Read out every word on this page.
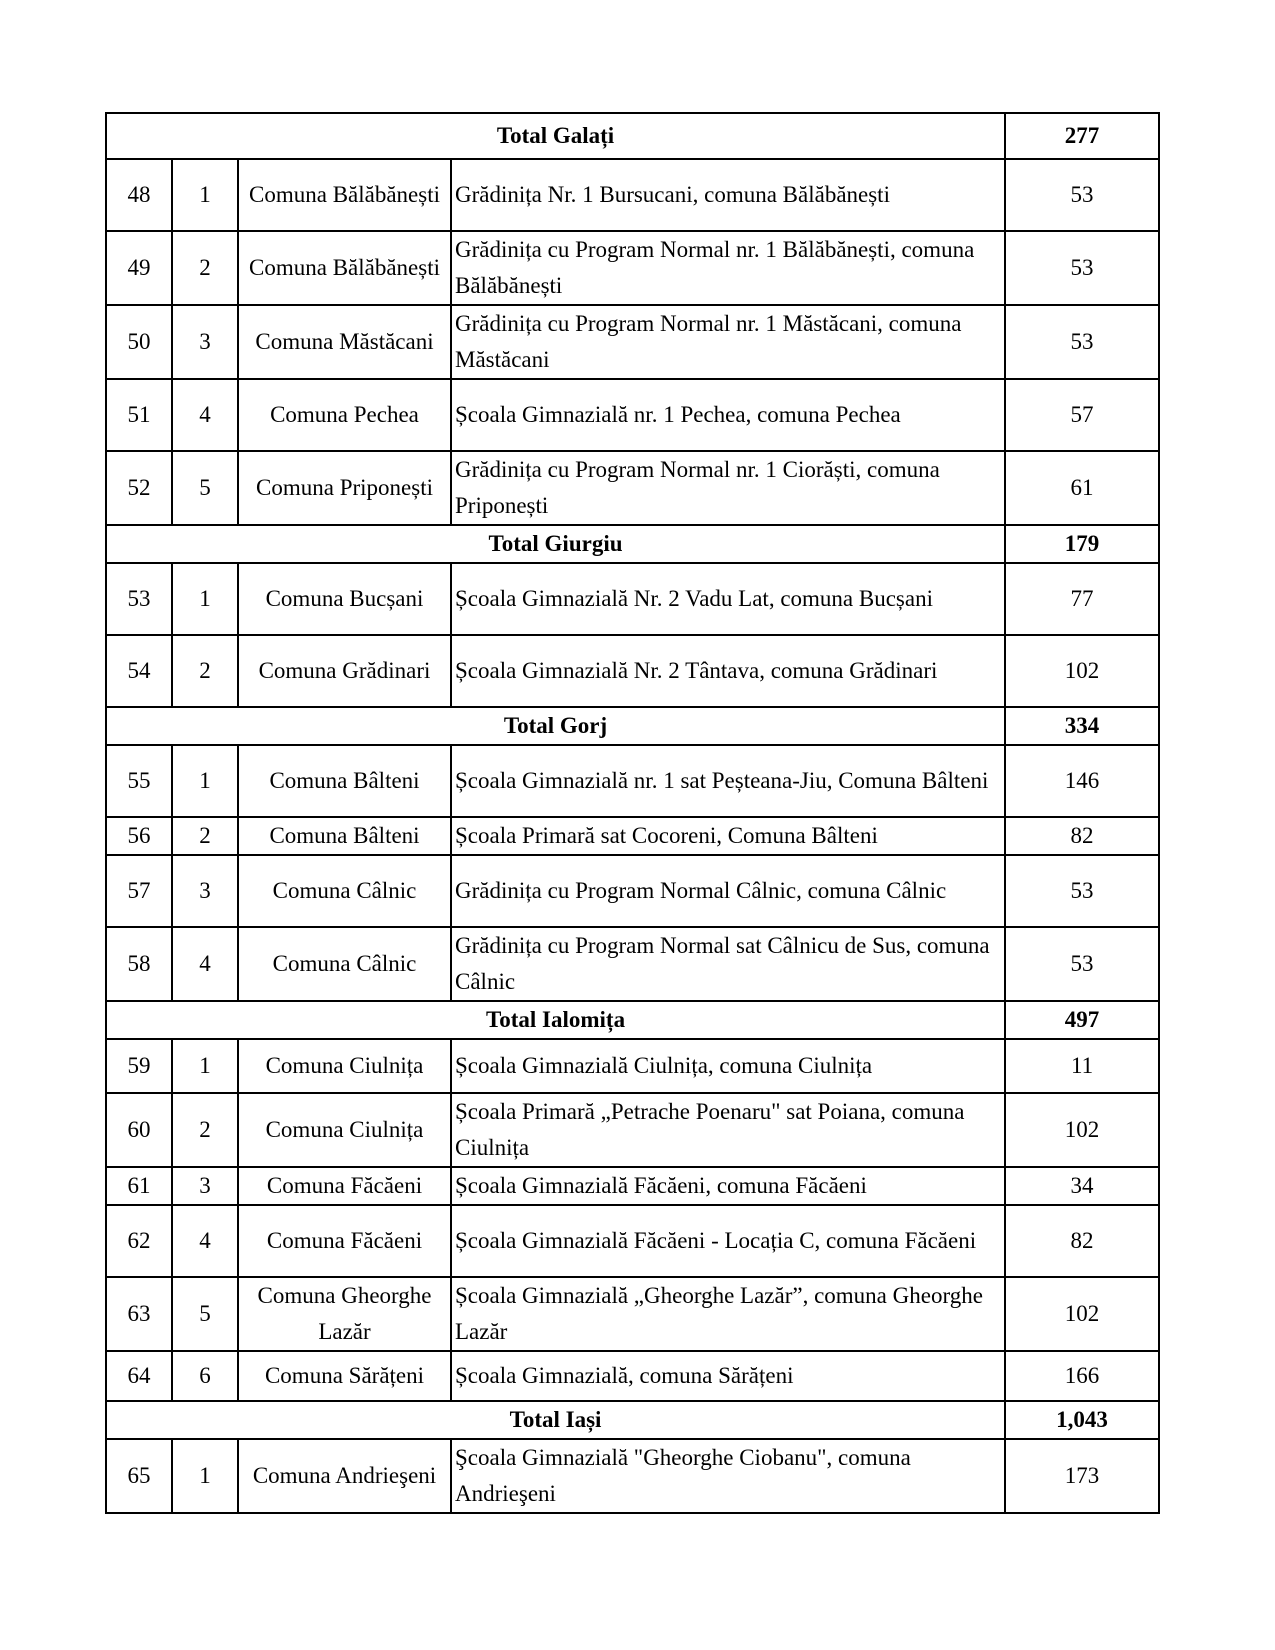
Total Galați				277
48	1	Comuna Bălăbănești	Grădinița Nr. 1 Bursucani, comuna Bălăbănești	53
49	2	Comuna Bălăbănești	Grădinița cu Program Normal nr. 1 Bălăbănești, comuna Bălăbănești	53
50	3	Comuna Măstăcani	Grădinița cu Program Normal nr. 1 Măstăcani, comuna Măstăcani	53
51	4	Comuna Pechea	Școala Gimnazială nr. 1 Pechea, comuna Pechea	57
52	5	Comuna Priponești	Grădinița cu Program Normal nr. 1 Ciorăști, comuna Priponești	61
Total Giurgiu				179
53	1	Comuna Bucșani	Școala Gimnazială Nr. 2 Vadu Lat, comuna Bucșani	77
54	2	Comuna Grădinari	Școala Gimnazială Nr. 2 Tântava, comuna Grădinari	102
Total Gorj				334
55	1	Comuna Bâlteni	Școala Gimnazială nr. 1 sat Peșteana-Jiu, Comuna Bâlteni	146
56	2	Comuna Bâlteni	Școala Primară sat Cocoreni, Comuna Bâlteni	82
57	3	Comuna Câlnic	Grădinița cu Program Normal Câlnic, comuna Câlnic	53
58	4	Comuna Câlnic	Grădinița cu Program Normal sat Câlnicu de Sus, comuna Câlnic	53
Total Ialomița				497
59	1	Comuna Ciulnița	Școala Gimnazială Ciulnița, comuna Ciulnița	11
60	2	Comuna Ciulnița	Școala Primară „Petrache Poenaru" sat Poiana, comuna Ciulnița	102
61	3	Comuna Făcăeni	Școala Gimnazială Făcăeni, comuna Făcăeni	34
62	4	Comuna Făcăeni	Școala Gimnazială Făcăeni - Locația C, comuna Făcăeni	82
63	5	Comuna Gheorghe Lazăr	Școala Gimnazială „Gheorghe Lazăr”, comuna Gheorghe Lazăr	102
64	6	Comuna Sărățeni	Școala Gimnazială, comuna Sărățeni	166
Total Iași				1,043
65	1	Comuna Andrieşeni	Şcoala Gimnazială "Gheorghe Ciobanu", comuna Andrieşeni	173
